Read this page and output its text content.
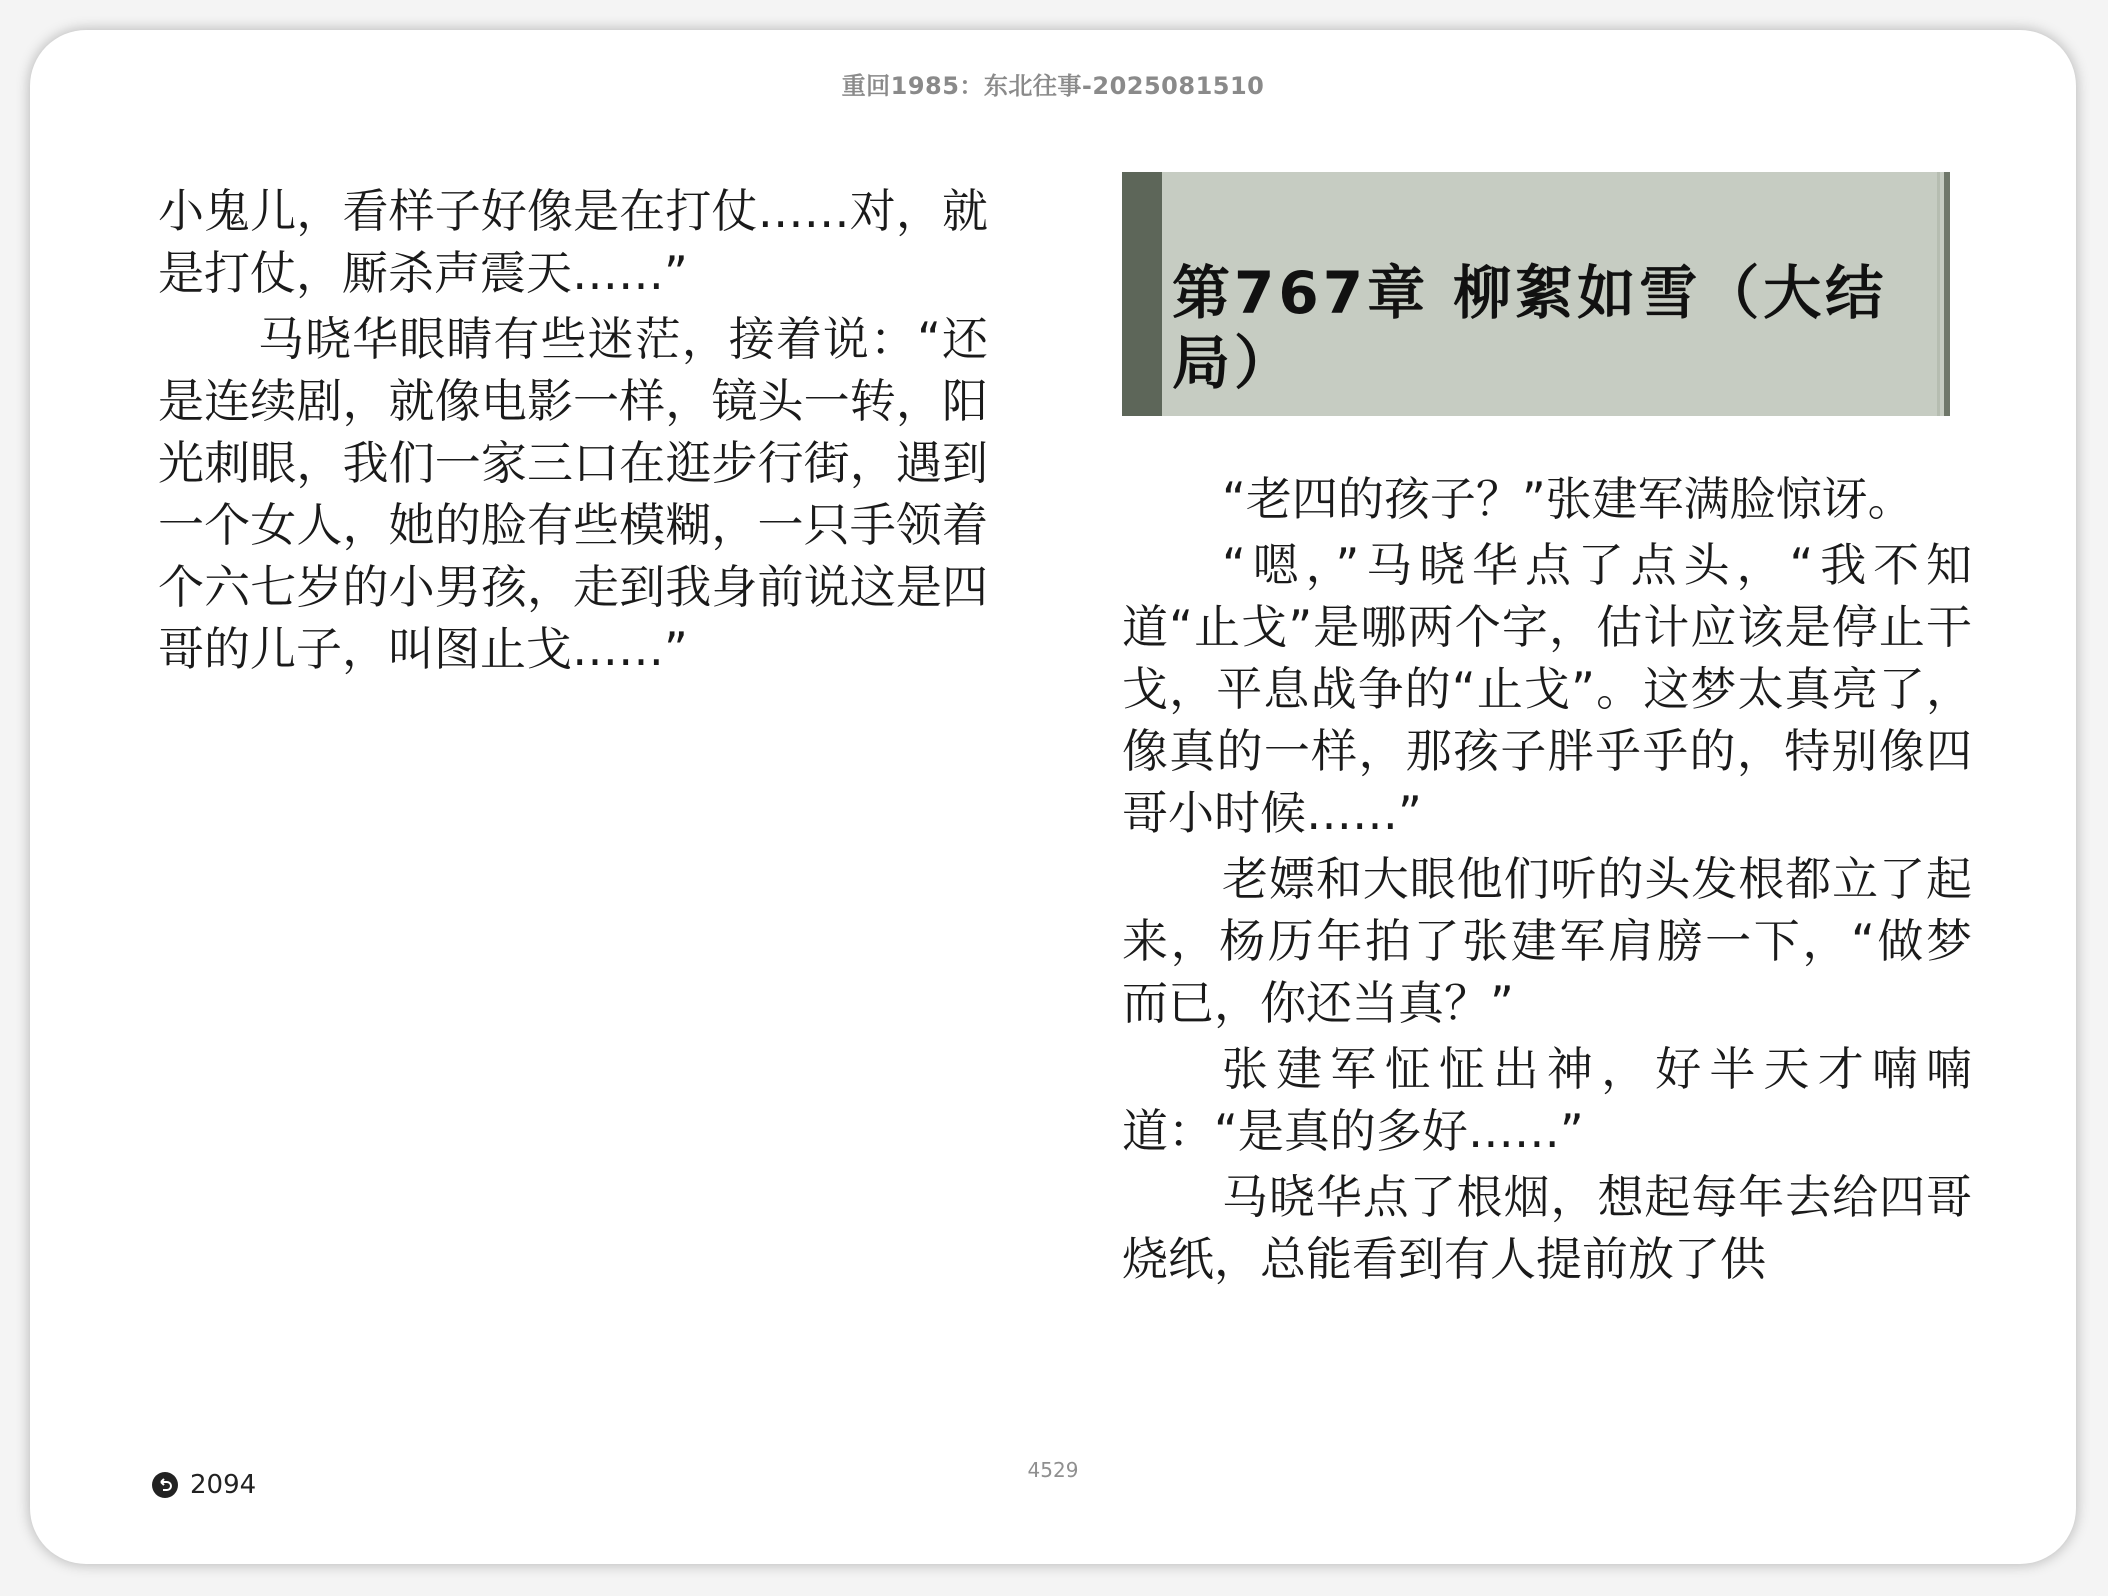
重回1985：东北往事-2025081510

小鬼儿，看样子好像是在打仗……对，就是打仗，厮杀声震天……”

马晓华眼睛有些迷茫，接着说：“还是连续剧，就像电影一样，镜头一转，阳光刺眼，我们一家三口在逛步行街，遇到一个女人，她的脸有些模糊，一只手领着个六七岁的小男孩，走到我身前说这是四哥的儿子，叫图止戈……”

第767章 柳絮如雪（大结局）

“老四的孩子？”张建军满脸惊讶。

“嗯，”马晓华点了点头，“我不知道“止戈”是哪两个字，估计应该是停止干戈，平息战争的“止戈”。这梦太真亮了，像真的一样，那孩子胖乎乎的，特别像四哥小时候……”

老嫖和大眼他们听的头发根都立了起来，杨历年拍了张建军肩膀一下，“做梦而已，你还当真？”

张建军怔怔出神，好半天才喃喃道：“是真的多好……”

马晓华点了根烟，想起每年去给四哥烧纸，总能看到有人提前放了供

2094	4529
